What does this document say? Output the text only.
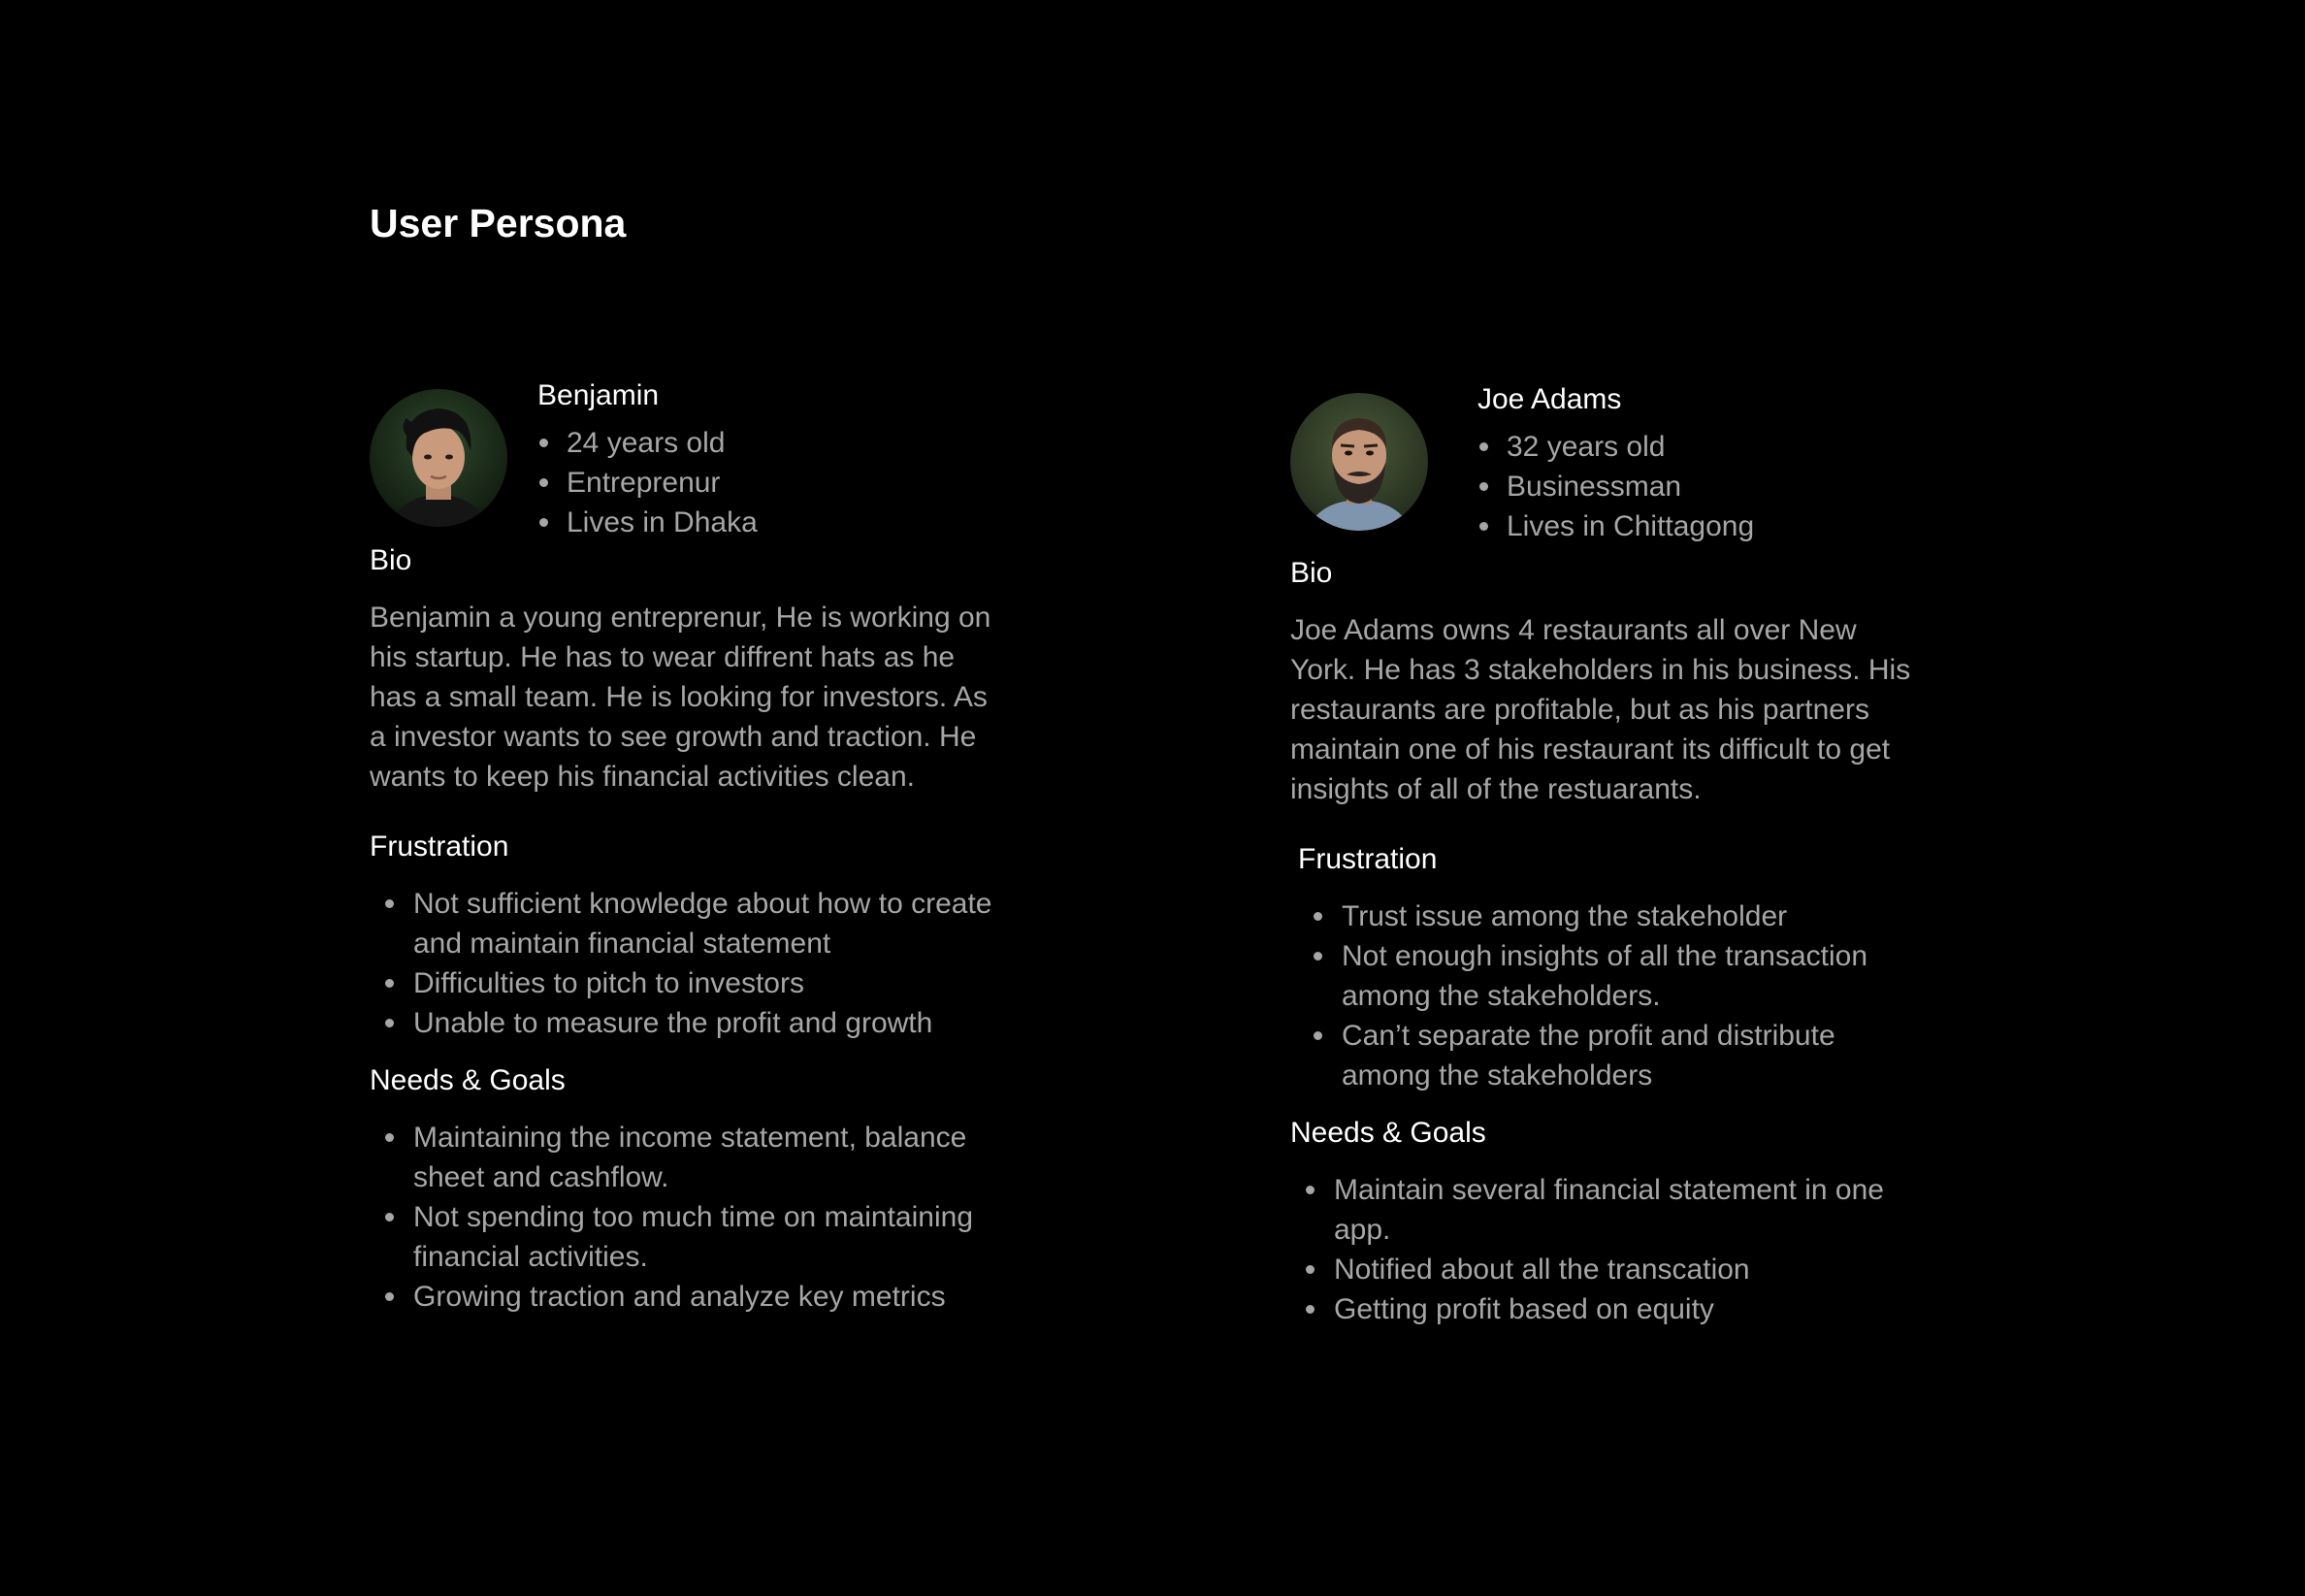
User Persona

Benjamin

24 years old
Entreprenur
Lives in Dhaka

Bio

Benjamin a young entreprenur, He is working on his startup. He has to wear diffrent hats as he has a small team. He is looking for investors. As a investor wants to see growth and traction. He wants to keep his financial activities clean.

Frustration

Not sufficient knowledge about how to create and maintain financial statement
Difficulties to pitch to investors
Unable to measure the profit and growth

Needs & Goals

Maintaining the income statement, balance sheet and cashflow.
Not spending too much time on maintaining financial activities.
Growing traction and analyze key metrics

Joe Adams

32 years old
Businessman
Lives in Chittagong

Bio

Joe Adams owns 4 restaurants all over New York. He has 3 stakeholders in his business. His restaurants are profitable, but as his partners maintain one of his restaurant its difficult to get insights of all of the restuarants.

Frustration

Trust issue among the stakeholder
Not enough insights of all the transaction among the stakeholders.
Can’t separate the profit and distribute among the stakeholders

Needs & Goals

Maintain several financial statement in one app.
Notified about all the transcation
Getting profit based on equity
